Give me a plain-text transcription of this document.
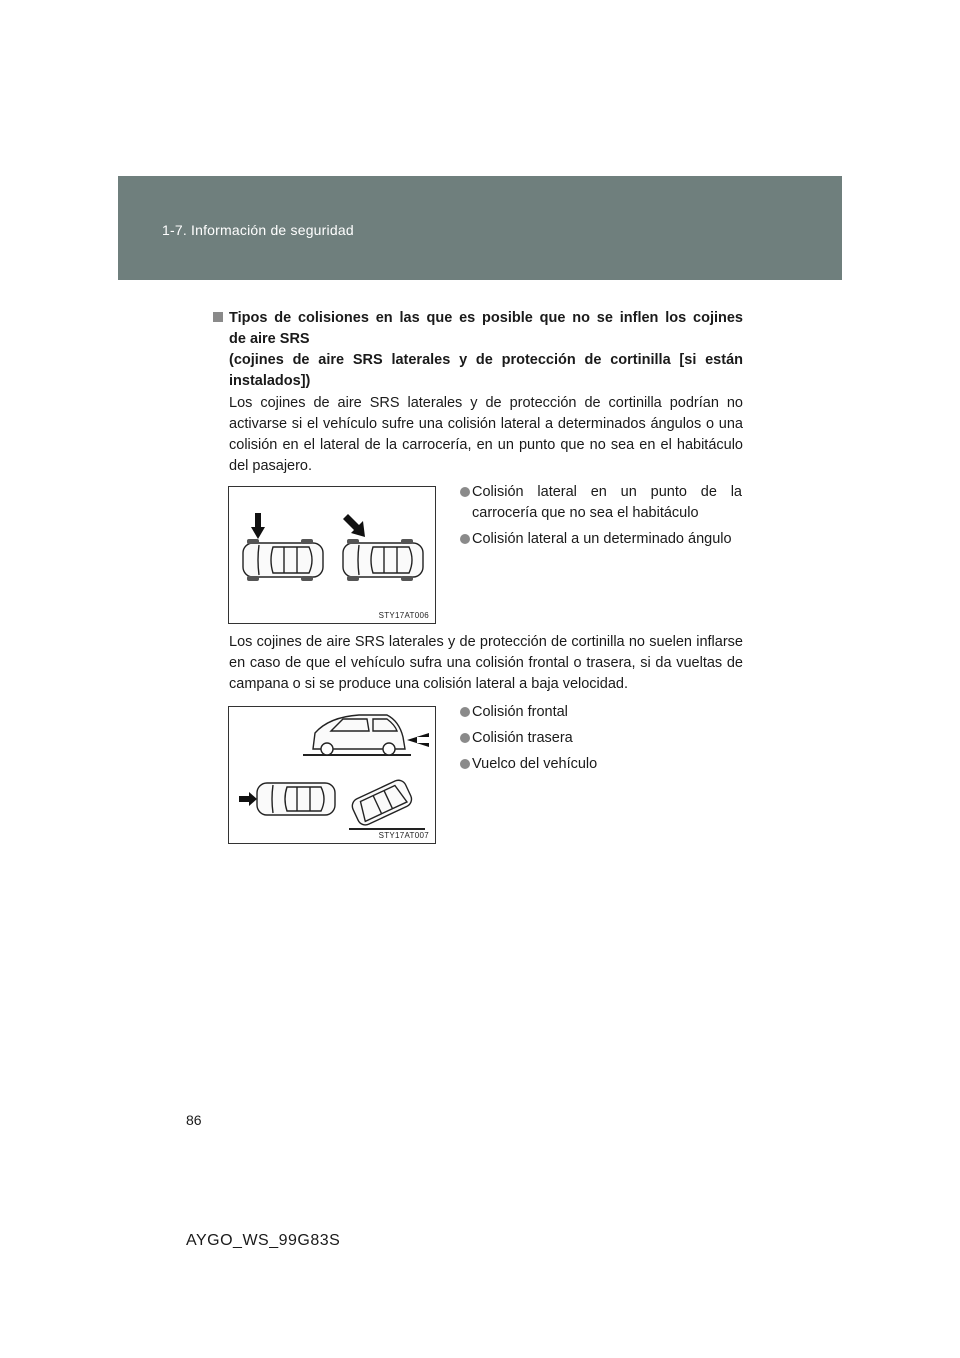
1-7. Información de seguridad
Tipos de colisiones en las que es posible que no se inflen los cojines
de aire SRS
(cojines de aire SRS laterales y de protección de cortinilla [si están
instalados])
Los cojines de aire SRS laterales y de protección de cortinilla podrían no activarse si el vehículo sufre una colisión lateral a determinados ángulos o una colisión en el lateral de la carrocería, en un punto que no sea en el habitáculo del pasajero.
STY17AT006
Colisión lateral en un punto de la carrocería que no sea el habitáculo
Colisión lateral a un determinado ángulo
Los cojines de aire SRS laterales y de protección de cortinilla no suelen inflarse en caso de que el vehículo sufra una colisión frontal o trasera, si da vueltas de campana o si se produce una colisión lateral a baja velocidad.
STY17AT007
Colisión frontal
Colisión trasera
Vuelco del vehículo
86
AYGO_WS_99G83S
